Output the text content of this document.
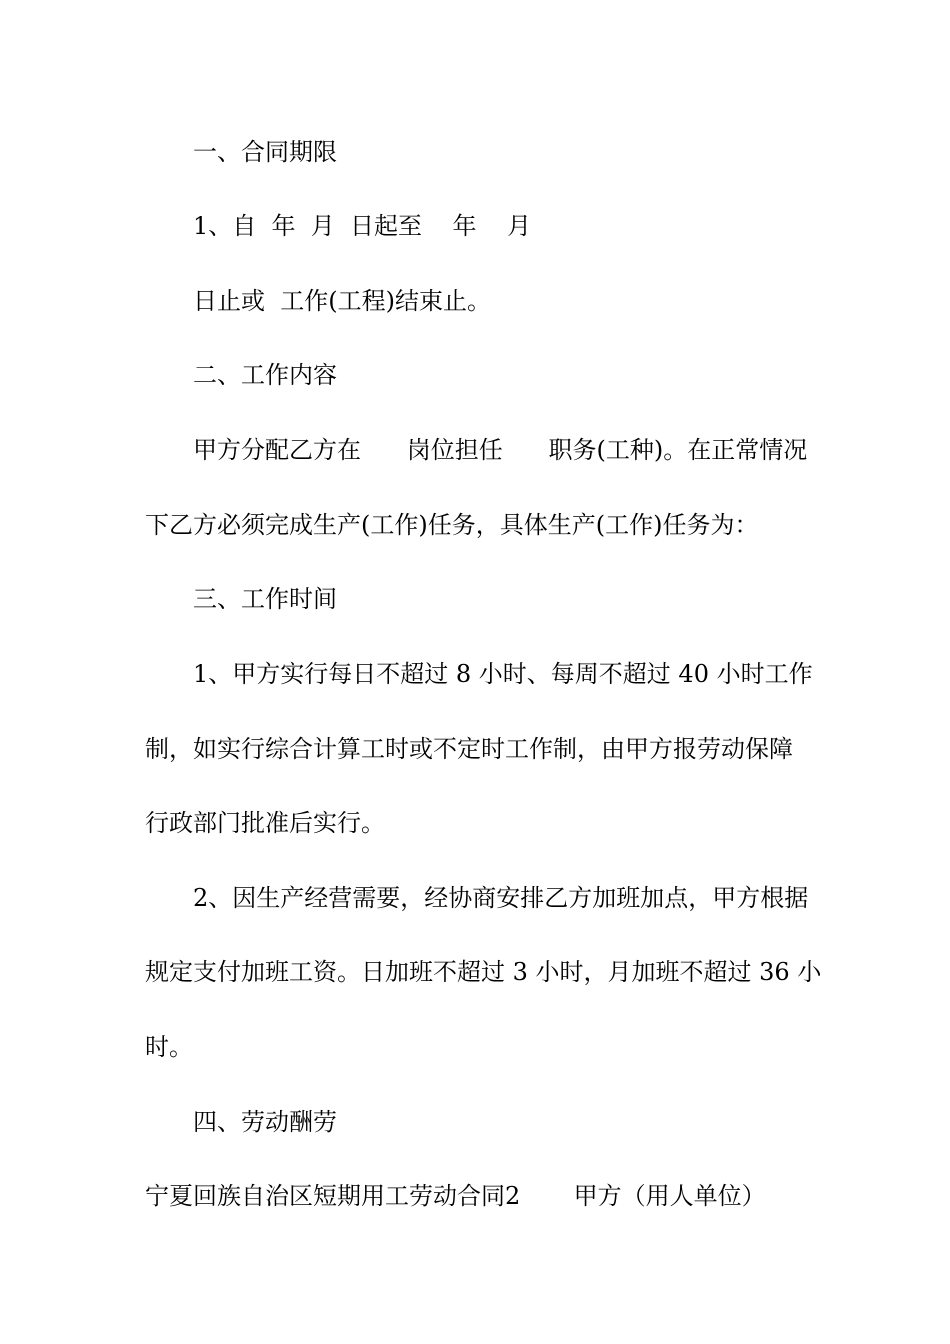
一、合同期限
1、自  年  月  日起至    年    月
日止或  工作(工程)结束止。
二、工作内容
甲方分配乙方在      岗位担任      职务(工种)。在正常情况
下乙方必须完成生产(工作)任务，具体生产(工作)任务为：
三、工作时间
1、甲方实行每日不超过 8 小时、每周不超过 40 小时工作
制，如实行综合计算工时或不定时工作制，由甲方报劳动保障
行政部门批准后实行。
2、因生产经营需要，经协商安排乙方加班加点，甲方根据
规定支付加班工资。日加班不超过 3 小时，月加班不超过 36 小
时。
四、劳动酬劳
宁夏回族自治区短期用工劳动合同2       甲方（用人单位）
